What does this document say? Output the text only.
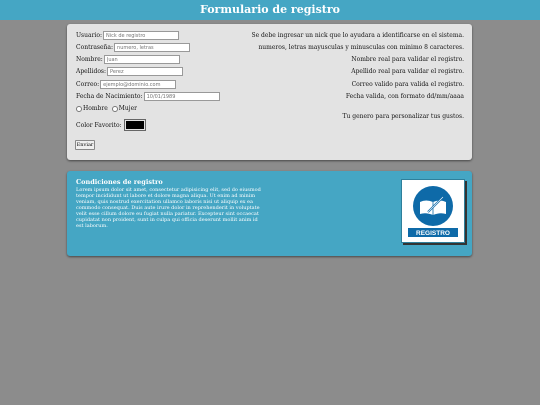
Formulario de registro
Usuario:Nick de registro	Se debe ingresar un nick que lo ayudara a identificarse en el sistema.
Contraseña:numero, letras	numeros, letras mayusculas y minusculas con minimo 8 caracteres.
Nombre:Juan	Nombre real para validar el registro.
Apellidos:Perez	Apellido real para validar el registro.
Correo:ejemplo@dominio.com	Correo valido para valida el registro.
Fecha de Nacimiento:10/01/1989	Fecha valida, con formato dd/mm/aaaa
Hombre Mujer
Tu genero para personalizar tus gustos.
Color Favorito:
Enviar
Condiciones de registro
Lorem ipsum dolor sit amet, consectetur adipisicing elit, sed do eiusmod tempor incididunt ut labore et dolore magna aliqua. Ut enim ad minim veniam, quis nostrud exercitation ullamco laboris nisi ut aliquip ex ea commodo consequat. Duis aute irure dolor in reprehenderit in voluptate velit esse cillum dolore eu fugiat nulla pariatur. Excepteur sint occaecat cupidatat non proident, sunt in culpa qui officia deserunt mollit anim id est laborum.
REGISTRO
